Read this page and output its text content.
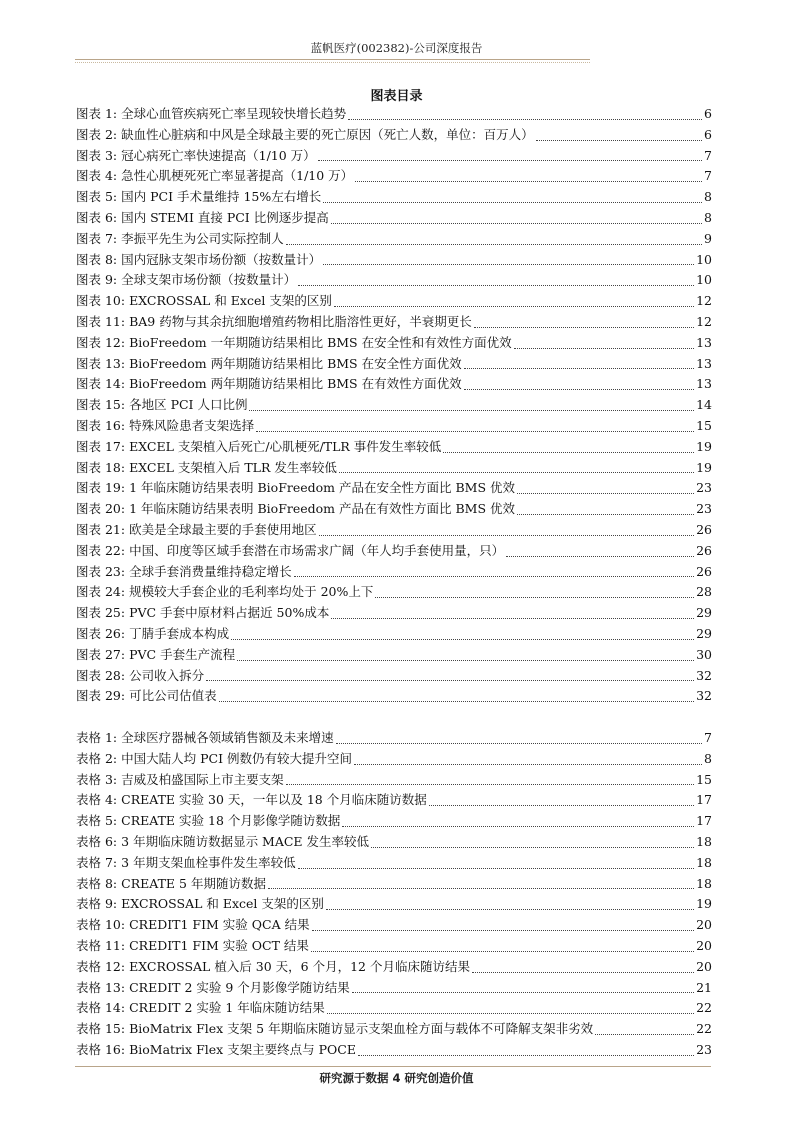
蓝帆医疗(002382)-公司深度报告
图表目录
图表 1: 全球心血管疾病死亡率呈现较快增长趋势	6
图表 2: 缺血性心脏病和中风是全球最主要的死亡原因（死亡人数，单位：百万人）	6
图表 3: 冠心病死亡率快速提高（1/10 万）	7
图表 4: 急性心肌梗死死亡率显著提高（1/10 万）	7
图表 5: 国内 PCI 手术量维持 15%左右增长	8
图表 6: 国内 STEMI 直接 PCI 比例逐步提高	8
图表 7: 李振平先生为公司实际控制人	9
图表 8: 国内冠脉支架市场份额（按数量计）	10
图表 9: 全球支架市场份额（按数量计）	10
图表 10: EXCROSSAL 和 Excel 支架的区别	12
图表 11: BA9 药物与其余抗细胞增殖药物相比脂溶性更好，半衰期更长	12
图表 12: BioFreedom 一年期随访结果相比 BMS 在安全性和有效性方面优效	13
图表 13: BioFreedom 两年期随访结果相比 BMS 在安全性方面优效	13
图表 14: BioFreedom 两年期随访结果相比 BMS 在有效性方面优效	13
图表 15: 各地区 PCI 人口比例	14
图表 16: 特殊风险患者支架选择	15
图表 17: EXCEL 支架植入后死亡/心肌梗死/TLR 事件发生率较低	19
图表 18: EXCEL 支架植入后 TLR 发生率较低	19
图表 19: 1 年临床随访结果表明 BioFreedom 产品在安全性方面比 BMS 优效	23
图表 20: 1 年临床随访结果表明 BioFreedom 产品在有效性方面比 BMS 优效	23
图表 21: 欧美是全球最主要的手套使用地区	26
图表 22: 中国、印度等区域手套潜在市场需求广阔（年人均手套使用量，只）	26
图表 23: 全球手套消费量维持稳定增长	26
图表 24: 规模较大手套企业的毛利率均处于 20%上下	28
图表 25: PVC 手套中原材料占据近 50%成本	29
图表 26: 丁腈手套成本构成	29
图表 27: PVC 手套生产流程	30
图表 28: 公司收入拆分	32
图表 29: 可比公司估值表	32
表格 1: 全球医疗器械各领域销售额及未来增速	7
表格 2: 中国大陆人均 PCI 例数仍有较大提升空间	8
表格 3: 吉威及柏盛国际上市主要支架	15
表格 4: CREATE 实验 30 天，一年以及 18 个月临床随访数据	17
表格 5: CREATE 实验 18 个月影像学随访数据	17
表格 6: 3 年期临床随访数据显示 MACE 发生率较低	18
表格 7: 3 年期支架血栓事件发生率较低	18
表格 8: CREATE 5 年期随访数据	18
表格 9: EXCROSSAL 和 Excel 支架的区别	19
表格 10: CREDIT1 FIM 实验 QCA 结果	20
表格 11: CREDIT1 FIM 实验 OCT 结果	20
表格 12: EXCROSSAL 植入后 30 天，6 个月，12 个月临床随访结果	20
表格 13: CREDIT 2 实验 9 个月影像学随访结果	21
表格 14: CREDIT 2 实验 1 年临床随访结果	22
表格 15: BioMatrix Flex 支架 5 年期临床随访显示支架血栓方面与载体不可降解支架非劣效	22
表格 16: BioMatrix Flex 支架主要终点与 POCE	23
研究源于数据 4 研究创造价值
